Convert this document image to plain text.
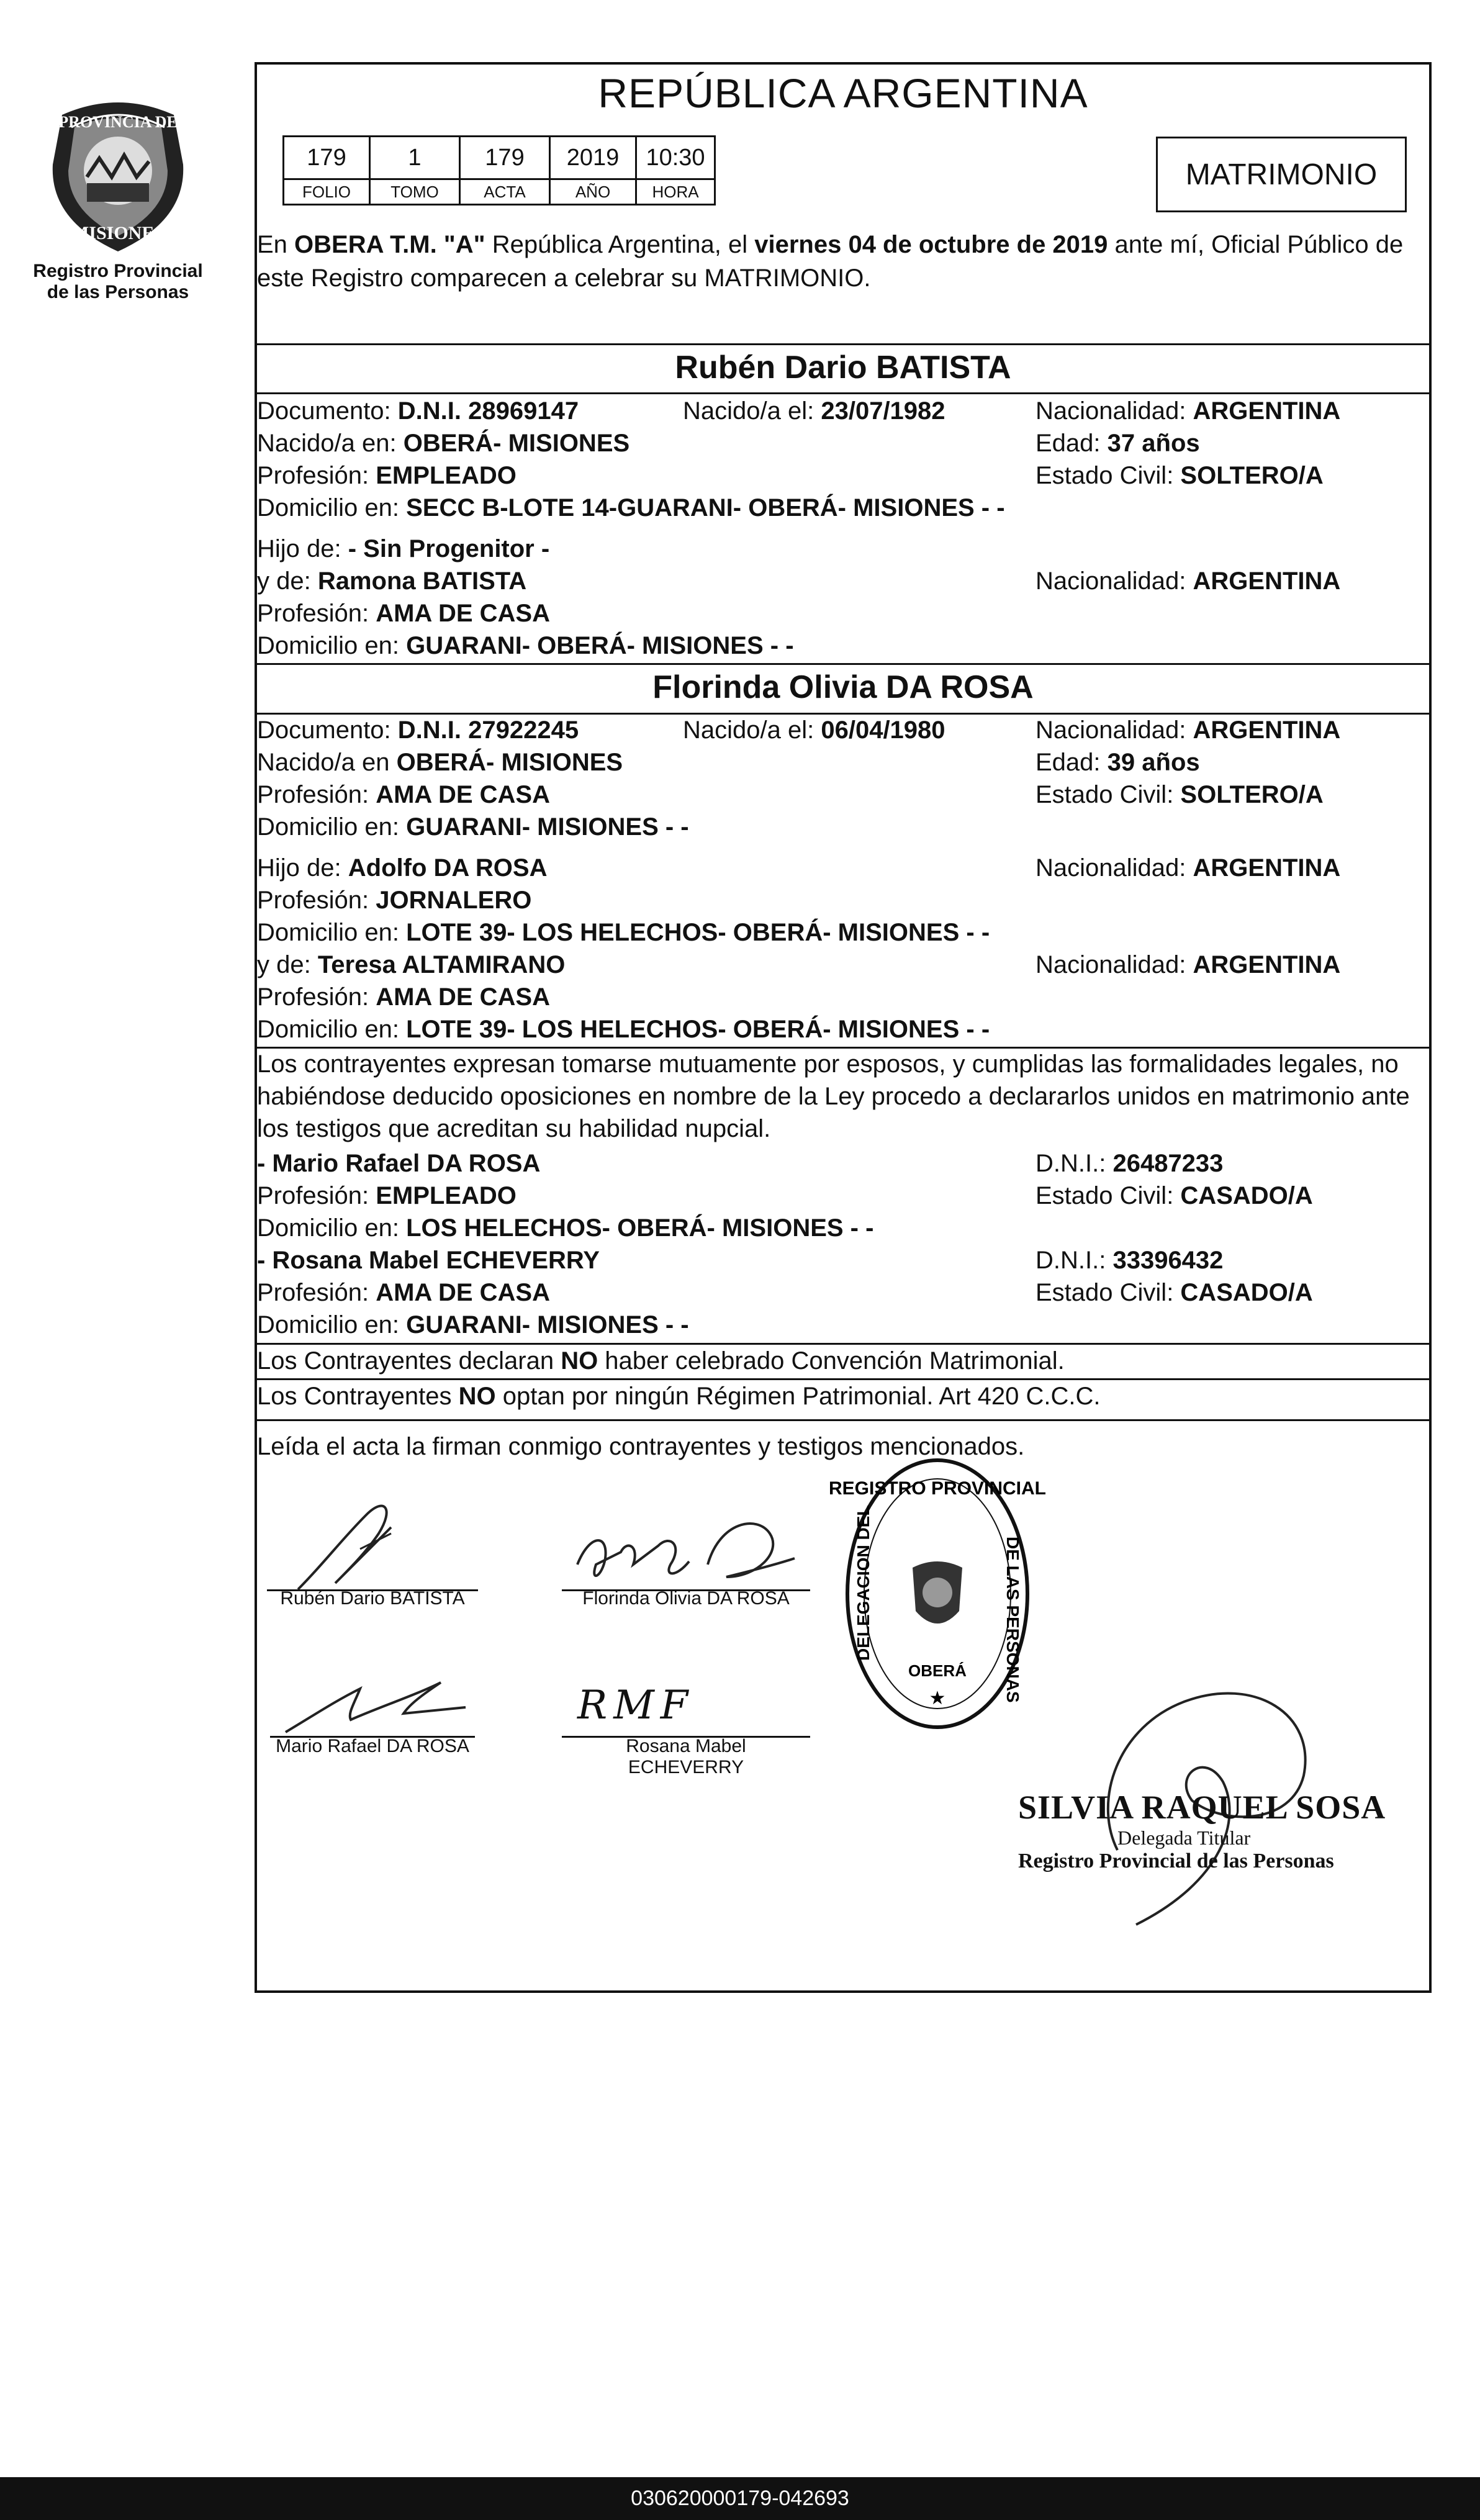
PROVINCIA DE
MISIONES
Registro Provincial
de las Personas
REPÚBLICA ARGENTINA
179	1	179	2019	10:30
FOLIO	TOMO	ACTA	AÑO	HORA
MATRIMONIO
En OBERA T.M. "A" República Argentina, el viernes 04 de octubre de 2019 ante mí, Oficial Público de este Registro comparecen a celebrar su MATRIMONIO.
Rubén Dario BATISTA
Documento: D.N.I. 28969147	Nacido/a el: 23/07/1982	Nacionalidad: ARGENTINA
Nacido/a en: OBERÁ- MISIONES	Edad: 37 años
Profesión: EMPLEADO	Estado Civil: SOLTERO/A
Domicilio en: SECC B-LOTE 14-GUARANI- OBERÁ- MISIONES - -
Hijo de: - Sin Progenitor -
y de: Ramona BATISTA	Nacionalidad: ARGENTINA
Profesión: AMA DE CASA
Domicilio en: GUARANI- OBERÁ- MISIONES - -
Florinda Olivia DA ROSA
Documento: D.N.I. 27922245	Nacido/a el: 06/04/1980	Nacionalidad: ARGENTINA
Nacido/a en OBERÁ- MISIONES	Edad: 39 años
Profesión: AMA DE CASA	Estado Civil: SOLTERO/A
Domicilio en: GUARANI- MISIONES - -
Hijo de: Adolfo DA ROSA	Nacionalidad: ARGENTINA
Profesión: JORNALERO
Domicilio en: LOTE 39- LOS HELECHOS- OBERÁ- MISIONES - -
y de: Teresa ALTAMIRANO	Nacionalidad: ARGENTINA
Profesión: AMA DE CASA
Domicilio en: LOTE 39- LOS HELECHOS- OBERÁ- MISIONES - -
Los contrayentes expresan tomarse mutuamente por esposos, y cumplidas las formalidades legales, no habiéndose deducido oposiciones en nombre de la Ley procedo a declararlos unidos en matrimonio ante los testigos que acreditan su habilidad nupcial.
- Mario Rafael DA ROSA	D.N.I.: 26487233
Profesión: EMPLEADO	Estado Civil: CASADO/A
Domicilio en: LOS HELECHOS- OBERÁ- MISIONES - -
- Rosana Mabel ECHEVERRY	D.N.I.: 33396432
Profesión: AMA DE CASA	Estado Civil: CASADO/A
Domicilio en: GUARANI- MISIONES - -
Los Contrayentes declaran NO haber celebrado Convención Matrimonial.
Los Contrayentes NO optan por ningún Régimen Patrimonial. Art 420 C.C.C.
Leída el acta la firman conmigo contrayentes y testigos mencionados.
Rubén Dario BATISTA	Florinda Olivia DA ROSA
Mario Rafael DA ROSA
RMF
Rosana Mabel
ECHEVERRY
REGISTRO PROVINCIAL
DELEGACION DEL	DE LAS PERSONAS
OBERÁ
★
SILVIA RAQUEL SOSA
Delegada Titular
Registro Provincial de las Personas
030620000179-042693
